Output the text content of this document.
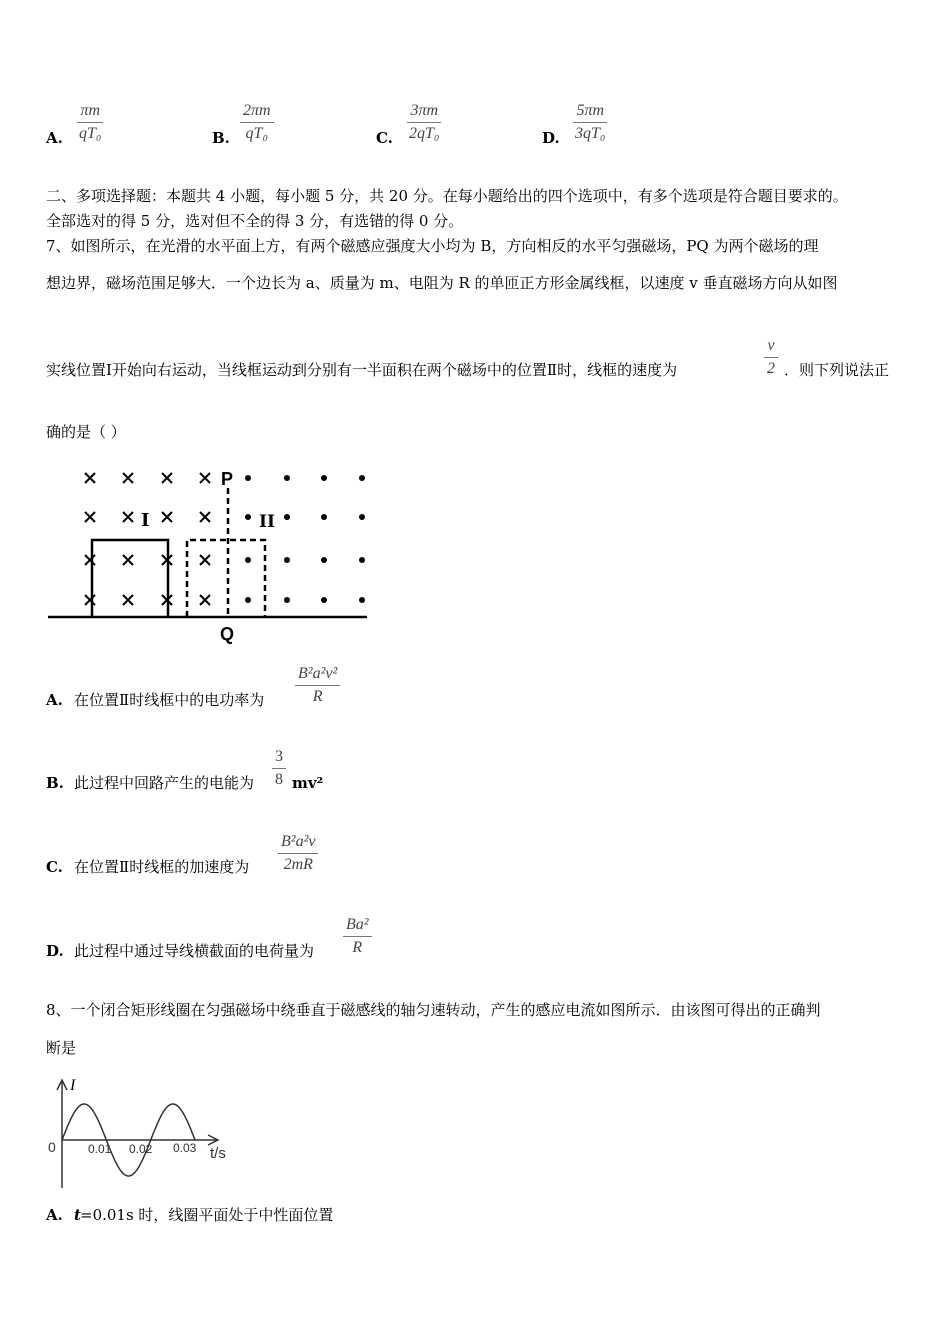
A. $\frac{\pi m}{\text{qT₀}}$	B. $\frac{2\pi m}{\text{qT₀}}$	C. $\frac{3\pi m}{\text{2qT₀}}$	D. $\frac{5\pi m}{\text{3qT₀}}$
二、多项选择题：本题共 4 小题，每小题 5 分，共 20 分。在每小题给出的四个选项中，有多个选项是符合题目要求的。
全部选对的得 5 分，选对但不全的得 3 分，有选错的得 0 分。
7、如图所示，在光滑的水平面上方，有两个磁感应强度大小均为 B，方向相反的水平匀强磁场，PQ 为两个磁场的理
想边界，磁场范围足够大．一个边长为 a、质量为 m、电阻为 R 的单匝正方形金属线框，以速度 v 垂直磁场方向从如图
实线位置Ⅰ开始向右运动，当线框运动到分别有一半面积在两个磁场中的位置Ⅱ时，线框的速度为	$\frac{v}{2}$ ．则下列说法正
确的是（ ）
P
Q
I	II
A. 在位置Ⅱ时线框中的电功率为 $\frac{\text{B²a²v²}}{R}$
B. 此过程中回路产生的电能为 $\frac{3}{8} mv^2$
C. 在位置Ⅱ时线框的加速度为 $\frac{\text{B²a²v}}{2mR}$
D. 此过程中通过导线横截面的电荷量为 $\frac{\text{Ba²}}{R}$
8、一个闭合矩形线圈在匀强磁场中绕垂直于磁感线的轴匀速转动，产生的感应电流如图所示．由该图可得出的正确判
断是
I
t/s
0	0.01 0.02 0.03
A. t =0.01s 时，线圈平面处于中性面位置
